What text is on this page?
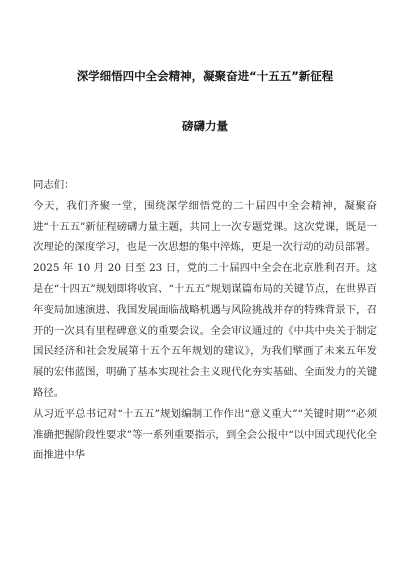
深学细悟四中全会精神，凝聚奋进“十五五”新征程
磅礴力量

同志们：

今天，我们齐聚一堂，围绕深学细悟党的二十届四中全会精神，凝聚奋进“十五五”新征程磅礴力量主题，共同上一次专题党课。这次党课，既是一次理论的深度学习，也是一次思想的集中淬炼，更是一次行动的动员部署。

2025 年 10 月 20 日至 23 日，党的二十届四中全会在北京胜利召开。这是在“十四五”规划即将收官、“十五五”规划谋篇布局的关键节点，在世界百年变局加速演进、我国发展面临战略机遇与风险挑战并存的特殊背景下，召开的一次具有里程碑意义的重要会议。全会审议通过的《中共中央关于制定国民经济和社会发展第十五个五年规划的建议》，为我们擘画了未来五年发展的宏伟蓝图，明确了基本实现社会主义现代化夯实基础、全面发力的关键路径。

从习近平总书记对“十五五”规划编制工作作出“意义重大”“关键时期”“必须准确把握阶段性要求”等一系列重要指示，到全会公报中“以中国式现代化全面推进中华
